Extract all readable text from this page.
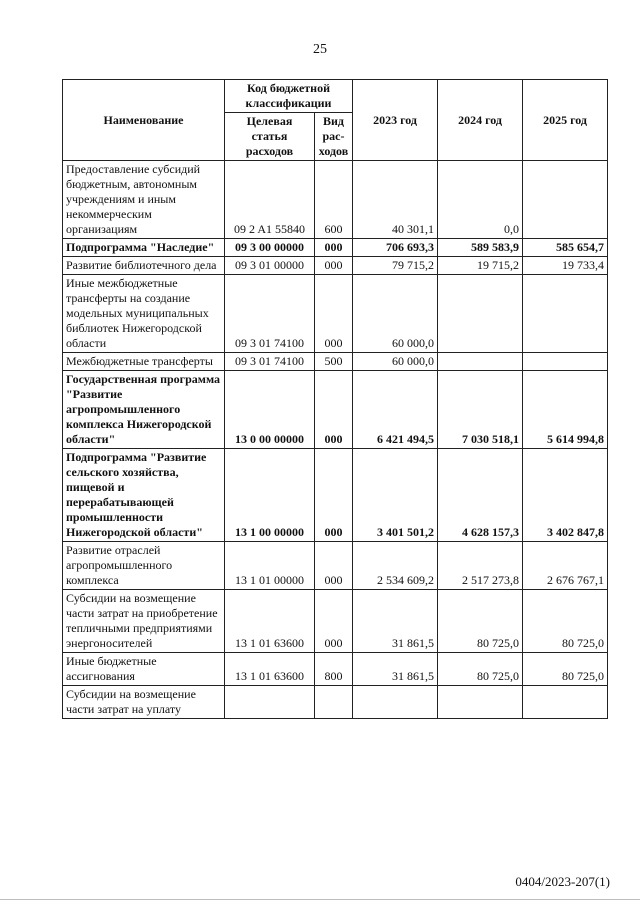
25
Наименование	Код бюджетной классификации		2023 год	2024 год	2025 год
	Целевая статья расходов	Вид рас-ходов			
Предоставление субсидий бюджетным, автономным учреждениям и иным некоммерческим организациям	09 2 A1 55840	600	40 301,1	0,0	
Подпрограмма "Наследие"	09 3 00 00000	000	706 693,3	589 583,9	585 654,7
Развитие библиотечного дела	09 3 01 00000	000	79 715,2	19 715,2	19 733,4
Иные межбюджетные трансферты на создание модельных муниципальных библиотек Нижегородской области	09 3 01 74100	000	60 000,0		
Межбюджетные трансферты	09 3 01 74100	500	60 000,0		
Государственная программа "Развитие агропромышленного комплекса Нижегородской области"	13 0 00 00000	000	6 421 494,5	7 030 518,1	5 614 994,8
Подпрограмма "Развитие сельского хозяйства, пищевой и перерабатывающей промышленности Нижегородской области"	13 1 00 00000	000	3 401 501,2	4 628 157,3	3 402 847,8
Развитие отраслей агропромышленного комплекса	13 1 01 00000	000	2 534 609,2	2 517 273,8	2 676 767,1
Субсидии на возмещение части затрат на приобретение тепличными предприятиями энергоносителей	13 1 01 63600	000	31 861,5	80 725,0	80 725,0
Иные бюджетные ассигнования	13 1 01 63600	800	31 861,5	80 725,0	80 725,0
Субсидии на возмещение части затрат на уплату					
0404/2023-207(1)
